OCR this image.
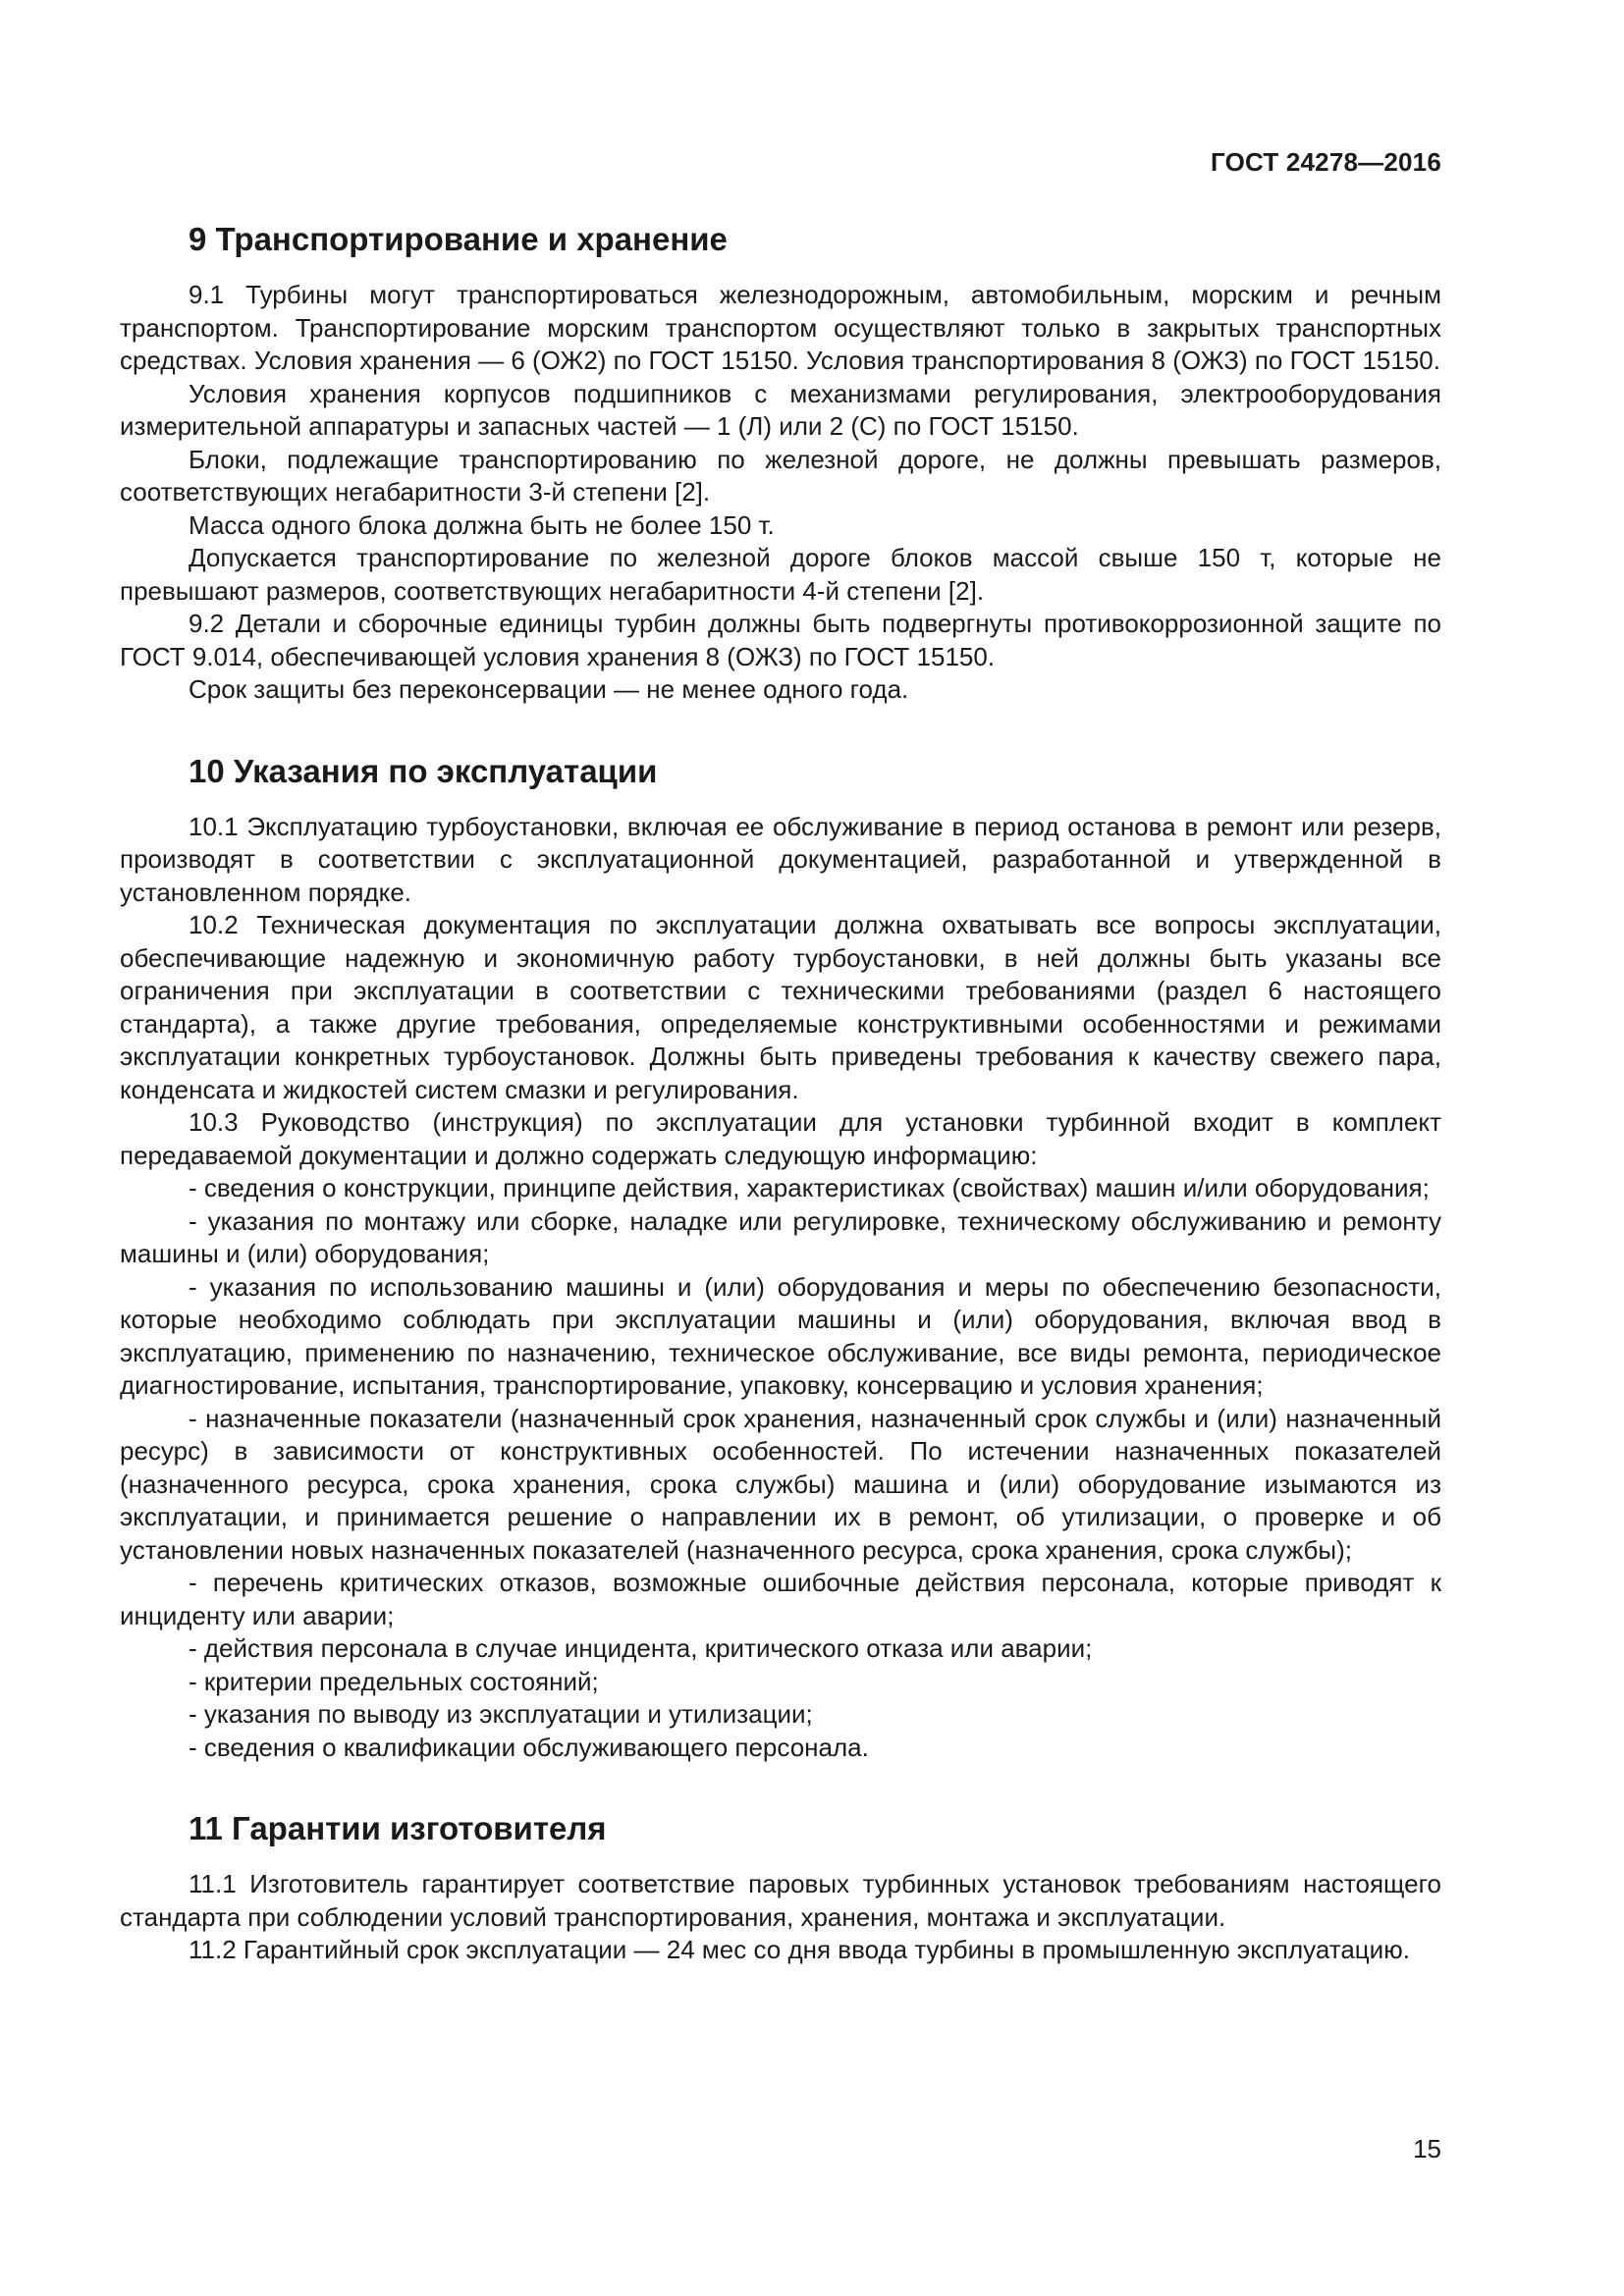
ГОСТ 24278—2016
9 Транспортирование и хранение

9.1 Турбины могут транспортироваться железнодорожным, автомобильным, морским и речным транспортом. Транспортирование морским транспортом осуществляют только в закрытых транспортных средствах. Условия хранения — 6 (ОЖ2) по ГОСТ 15150. Условия транспортирования 8 (ОЖЗ) по ГОСТ 15150.

Условия хранения корпусов подшипников с механизмами регулирования, электрооборудования измерительной аппаратуры и запасных частей — 1 (Л) или 2 (С) по ГОСТ 15150.

Блоки, подлежащие транспортированию по железной дороге, не должны превышать размеров, соответствующих негабаритности 3-й степени [2].

Масса одного блока должна быть не более 150 т.

Допускается транспортирование по железной дороге блоков массой свыше 150 т, которые не превышают размеров, соответствующих негабаритности 4-й степени [2].

9.2 Детали и сборочные единицы турбин должны быть подвергнуты противокоррозионной защите по ГОСТ 9.014, обеспечивающей условия хранения 8 (ОЖЗ) по ГОСТ 15150.

Срок защиты без переконсервации — не менее одного года.

10 Указания по эксплуатации

10.1 Эксплуатацию турбоустановки, включая ее обслуживание в период останова в ремонт или резерв, производят в соответствии с эксплуатационной документацией, разработанной и утвержденной в установленном порядке.

10.2 Техническая документация по эксплуатации должна охватывать все вопросы эксплуатации, обеспечивающие надежную и экономичную работу турбоустановки, в ней должны быть указаны все ограничения при эксплуатации в соответствии с техническими требованиями (раздел 6 настоящего стандарта), а также другие требования, определяемые конструктивными особенностями и режимами эксплуатации конкретных турбоустановок. Должны быть приведены требования к качеству свежего пара, конденсата и жидкостей систем смазки и регулирования.

10.3 Руководство (инструкция) по эксплуатации для установки турбинной входит в комплект передаваемой документации и должно содержать следующую информацию:

- сведения о конструкции, принципе действия, характеристиках (свойствах) машин и/или оборудования;

- указания по монтажу или сборке, наладке или регулировке, техническому обслуживанию и ремонту машины и (или) оборудования;

- указания по использованию машины и (или) оборудования и меры по обеспечению безопасности, которые необходимо соблюдать при эксплуатации машины и (или) оборудования, включая ввод в эксплуатацию, применению по назначению, техническое обслуживание, все виды ремонта, периодическое диагностирование, испытания, транспортирование, упаковку, консервацию и условия хранения;

- назначенные показатели (назначенный срок хранения, назначенный срок службы и (или) назначенный ресурс) в зависимости от конструктивных особенностей. По истечении назначенных показателей (назначенного ресурса, срока хранения, срока службы) машина и (или) оборудование изымаются из эксплуатации, и принимается решение о направлении их в ремонт, об утилизации, о проверке и об установлении новых назначенных показателей (назначенного ресурса, срока хранения, срока службы);

- перечень критических отказов, возможные ошибочные действия персонала, которые приводят к инциденту или аварии;

- действия персонала в случае инцидента, критического отказа или аварии;

- критерии предельных состояний;

- указания по выводу из эксплуатации и утилизации;

- сведения о квалификации обслуживающего персонала.

11 Гарантии изготовителя

11.1 Изготовитель гарантирует соответствие паровых турбинных установок требованиям настоящего стандарта при соблюдении условий транспортирования, хранения, монтажа и эксплуатации.

11.2 Гарантийный срок эксплуатации — 24 мес со дня ввода турбины в промышленную эксплуатацию.

15
